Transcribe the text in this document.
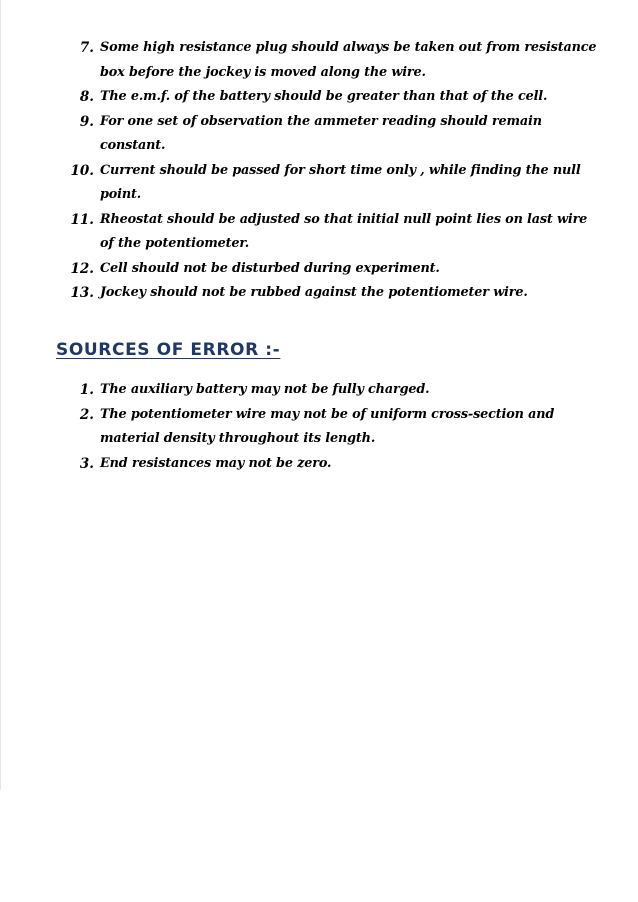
7. Some high resistance plug should always be taken out from resistance box before the jockey is moved along the wire.
8. The e.m.f. of the battery should be greater than that of the cell.
9. For one set of observation the ammeter reading should remain constant.
10. Current should be passed for short time only , while finding the null point.
11. Rheostat should be adjusted so that initial null point lies on last wire of the potentiometer.
12. Cell should not be disturbed during experiment.
13. Jockey should not be rubbed against the potentiometer wire.
SOURCES OF ERROR :-
1. The auxiliary battery may not be fully charged.
2. The potentiometer wire may not be of uniform cross-section and material density throughout its length.
3. End resistances may not be zero.
